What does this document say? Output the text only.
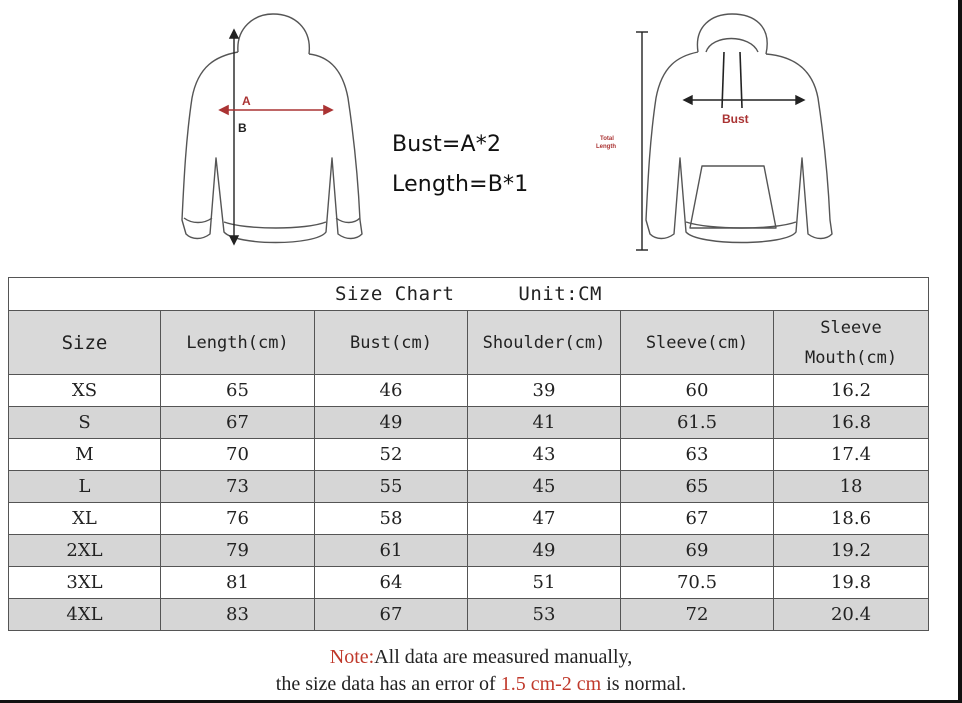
A
B
Bust=A*2
Length=B*1
Total
Length
Bust
Size Chart Unit:CM					
Size	Length(cm)	Bust(cm)	Shoulder(cm)	Sleeve(cm)	Sleeve
Mouth(cm)

XS	65	46	39	60	16.2
S	67	49	41	61.5	16.8
M	70	52	43	63	17.4
L	73	55	45	65	18
XL	76	58	47	67	18.6
2XL	79	61	49	69	19.2
3XL	81	64	51	70.5	19.8
4XL	83	67	53	72	20.4
Note:All data are measured manually,
the size data has an error of 1.5 cm-2 cm is normal.
